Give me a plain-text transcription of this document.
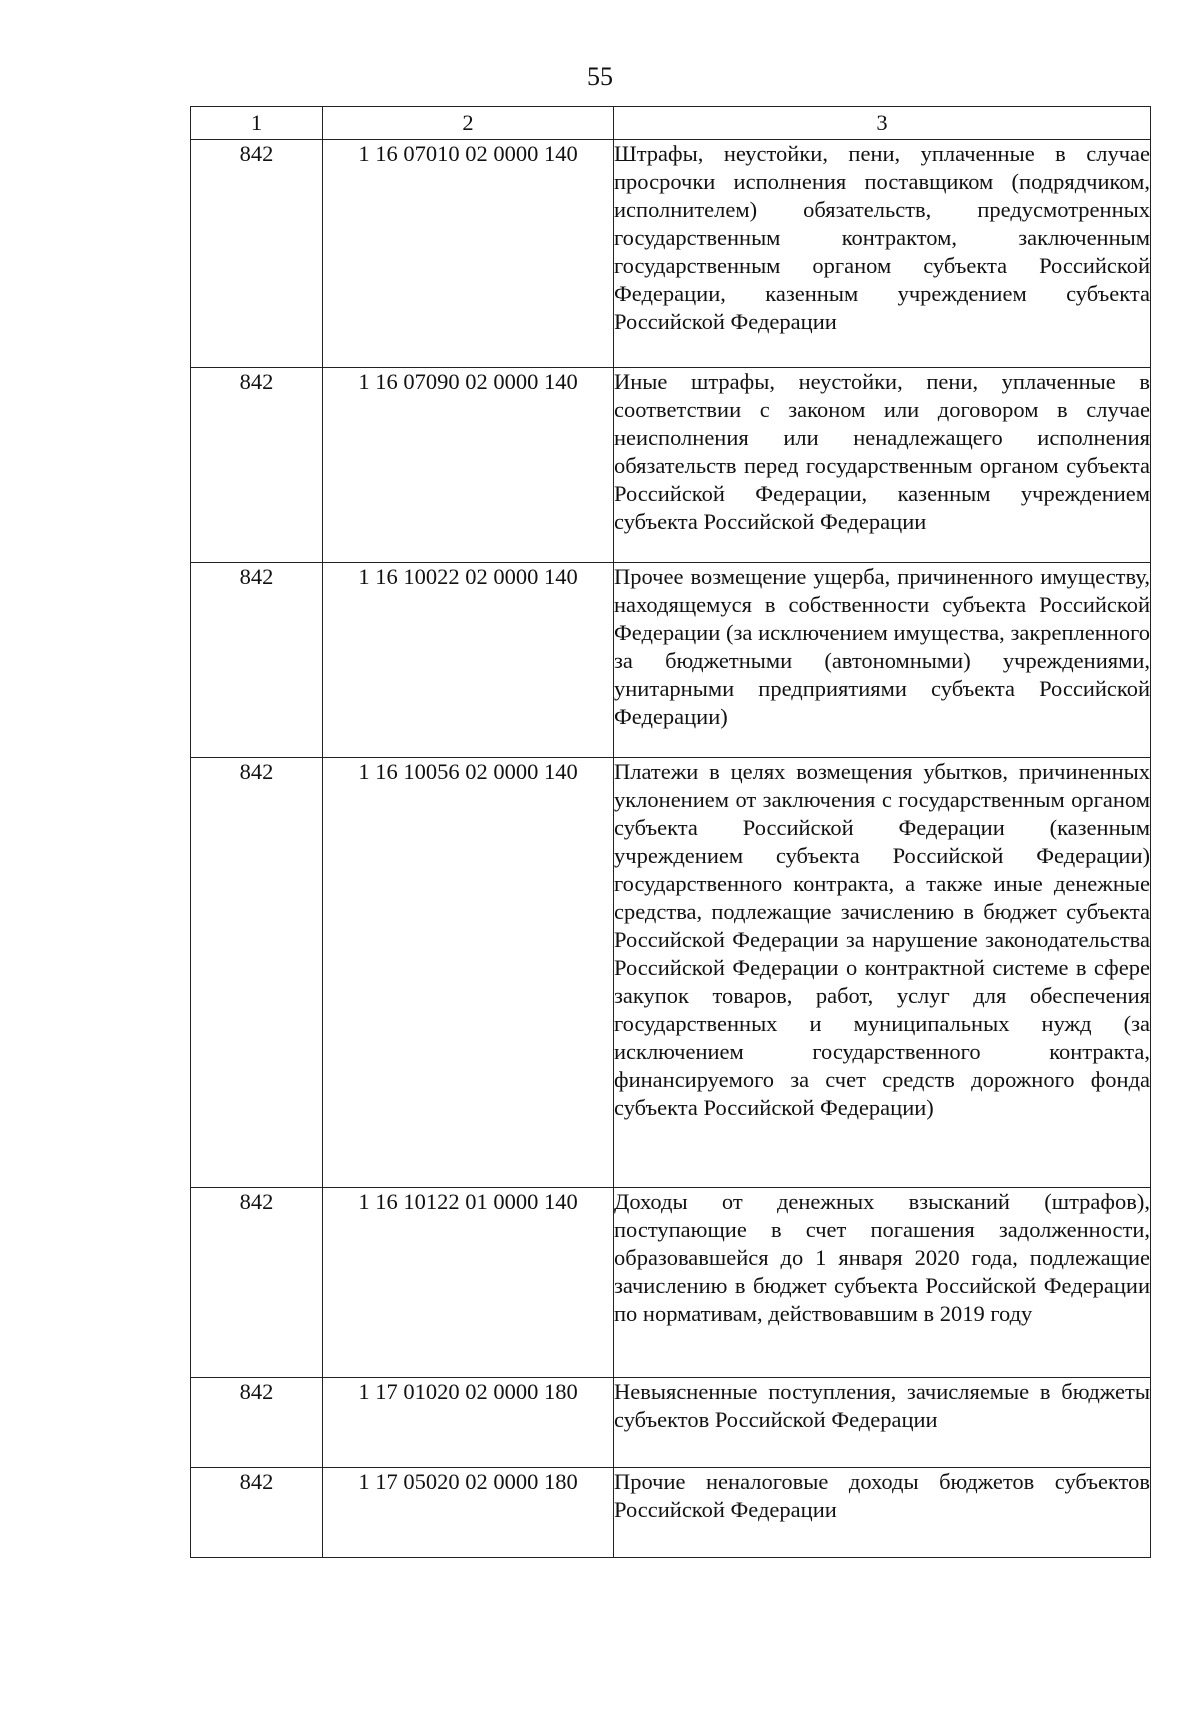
55
1	2	3
842	1 16 07010 02 0000 140	Штрафы, неустойки, пени, уплаченные в случае просрочки исполнения поставщиком (подрядчиком, исполнителем) обязательств, предусмотренных государственным контрактом, заключенным государственным органом субъекта Российской Федерации, казенным учреждением субъекта Российской Федерации
842	1 16 07090 02 0000 140	Иные штрафы, неустойки, пени, уплаченные в соответствии с законом или договором в случае неисполнения или ненадлежащего исполнения обязательств перед государственным органом субъекта Российской Федерации, казенным учреждением субъекта Российской Федерации
842	1 16 10022 02 0000 140	Прочее возмещение ущерба, причиненного имуществу, находящемуся в собственности субъекта Российской Федерации (за исключением имущества, закрепленного за бюджетными (автономными) учреждениями, унитарными предприятиями субъекта Российской Федерации)
842	1 16 10056 02 0000 140	Платежи в целях возмещения убытков, причиненных уклонением от заключения с государственным органом субъекта Российской Федерации (казенным учреждением субъекта Российской Федерации) государственного контракта, а также иные денежные средства, подлежащие зачислению в бюджет субъекта Российской Федерации за нарушение законодательства Российской Федерации о контрактной системе в сфере закупок товаров, работ, услуг для обеспечения государственных и муниципальных нужд (за исключением государственного контракта, финансируемого за счет средств дорожного фонда субъекта Российской Федерации)
842	1 16 10122 01 0000 140	Доходы от денежных взысканий (штрафов), поступающие в счет погашения задолженности, образовавшейся до 1 января 2020 года, подлежащие зачислению в бюджет субъекта Российской Федерации по нормативам, действовавшим в 2019 году
842	1 17 01020 02 0000 180	Невыясненные поступления, зачисляемые в бюджеты субъектов Российской Федерации
842	1 17 05020 02 0000 180	Прочие неналоговые доходы бюджетов субъектов Российской Федерации
